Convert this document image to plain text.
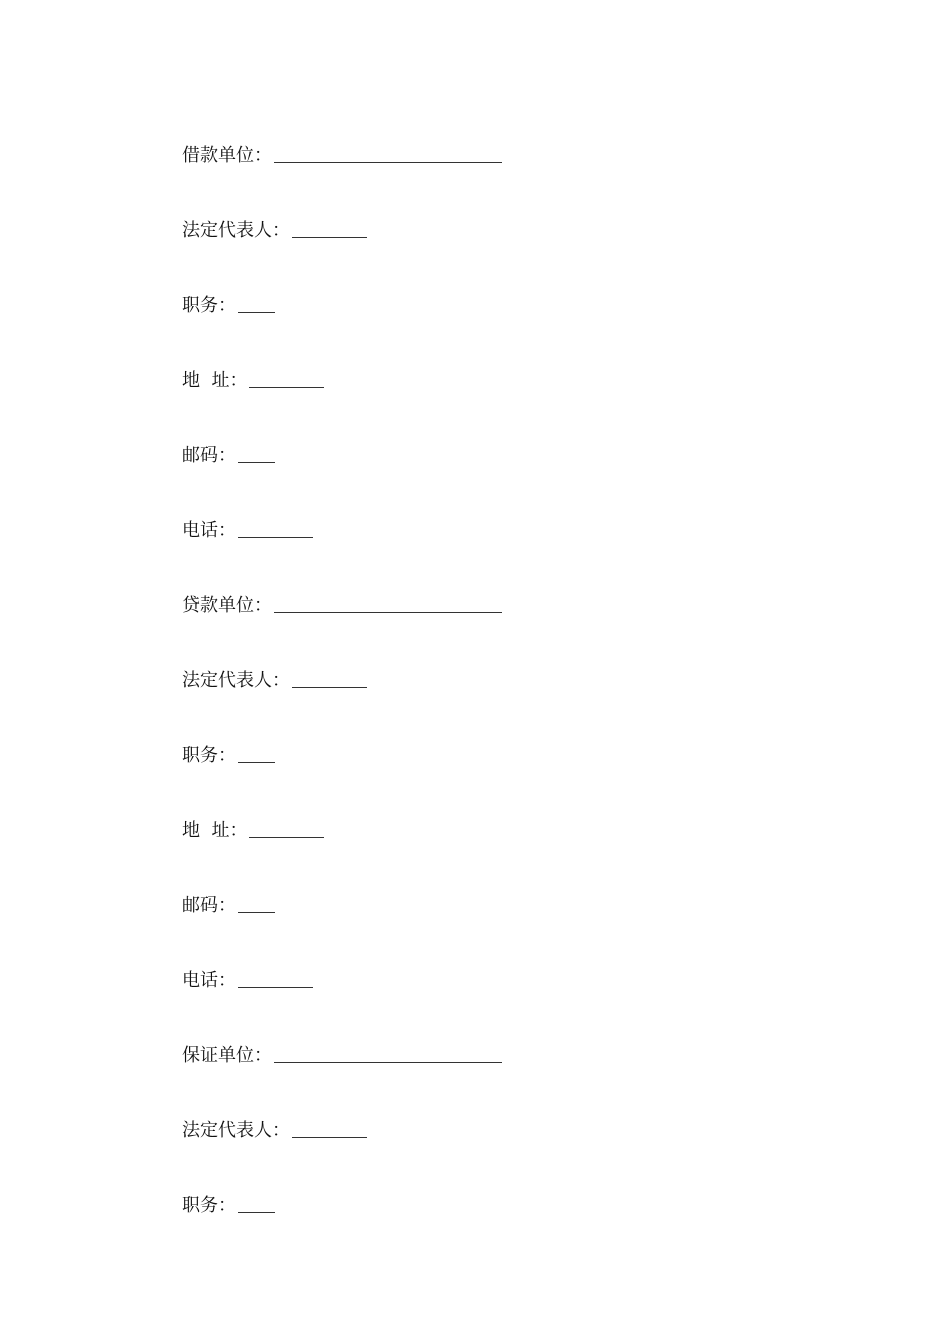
借款单位：
法定代表人：
职务：
地  址：
邮码：
电话：
贷款单位：
法定代表人：
职务：
地  址：
邮码：
电话：
保证单位：
法定代表人：
职务：
